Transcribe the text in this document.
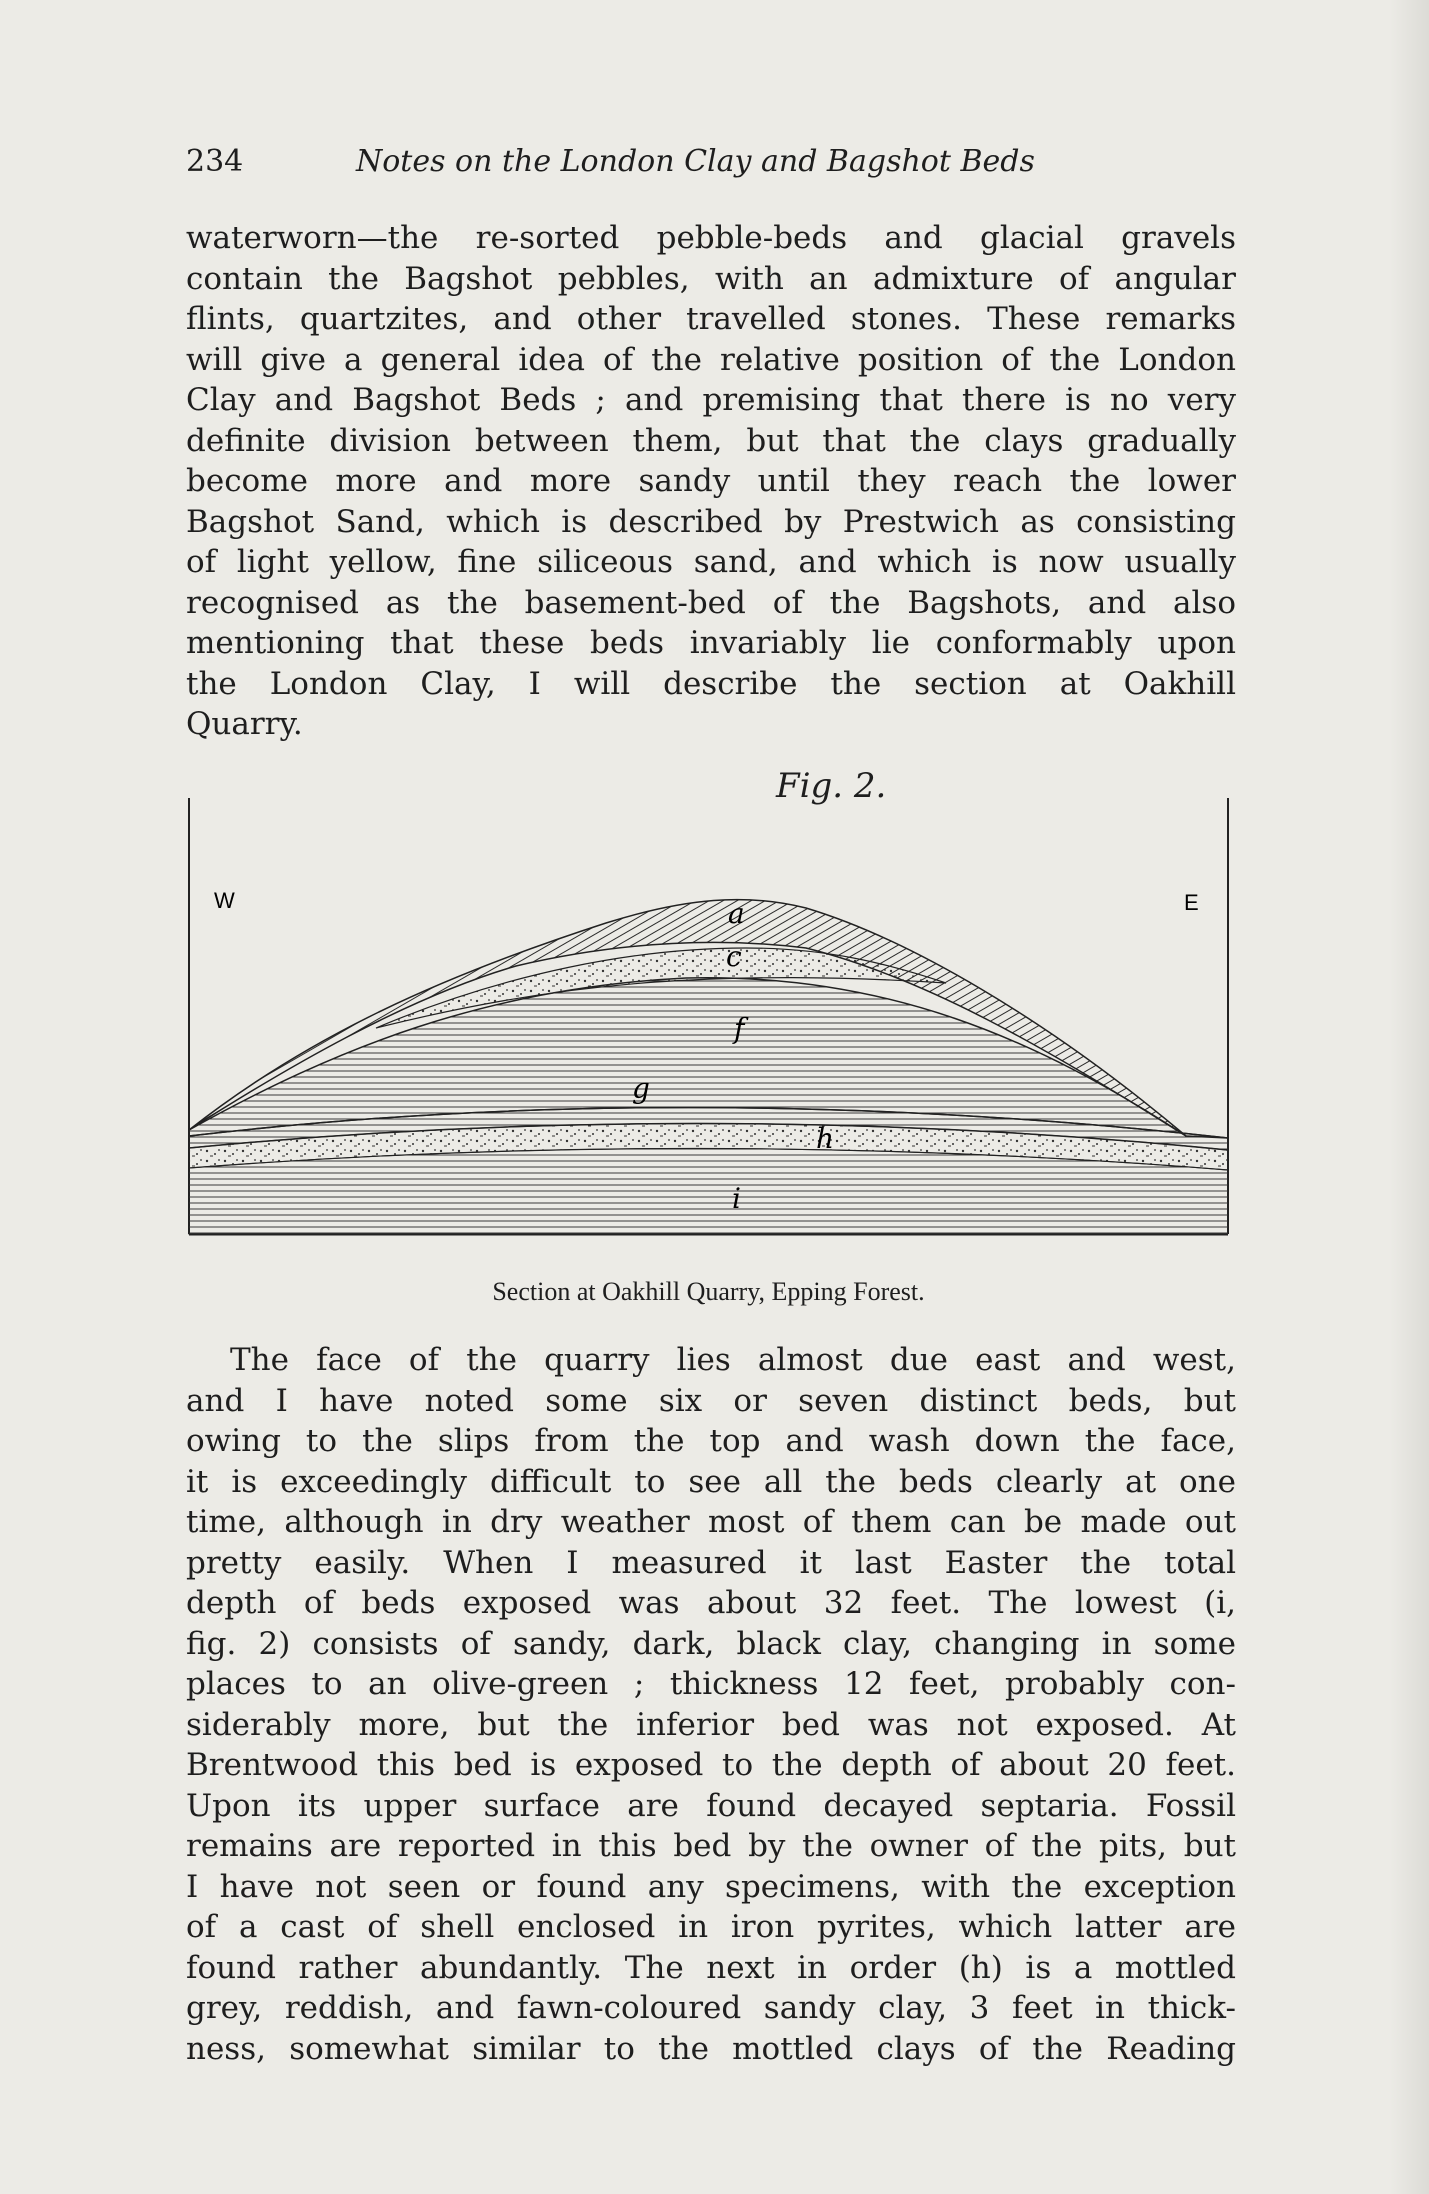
234	Notes on the London Clay and Bagshot Beds
waterworn—the re-sorted pebble-beds and glacial gravels
contain the Bagshot pebbles, with an admixture of angular
flints, quartzites, and other travelled stones. These remarks
will give a general idea of the relative position of the London
Clay and Bagshot Beds ; and premising that there is no very
definite division between them, but that the clays gradually
become more and more sandy until they reach the lower
Bagshot Sand, which is described by Prestwich as consisting
of light yellow, fine siliceous sand, and which is now usually
recognised as the basement-bed of the Bagshots, and also
mentioning that these beds invariably lie conformably upon
the London Clay, I will describe the section at Oakhill
Quarry.
Fig. 2.
W	E
a
c
f
g
h
i
Section at Oakhill Quarry, Epping Forest.
The face of the quarry lies almost due east and west,
and I have noted some six or seven distinct beds, but
owing to the slips from the top and wash down the face,
it is exceedingly difficult to see all the beds clearly at one
time, although in dry weather most of them can be made out
pretty easily. When I measured it last Easter the total
depth of beds exposed was about 32 feet. The lowest (i,
fig. 2) consists of sandy, dark, black clay, changing in some
places to an olive-green ; thickness 12 feet, probably con-
siderably more, but the inferior bed was not exposed. At
Brentwood this bed is exposed to the depth of about 20 feet.
Upon its upper surface are found decayed septaria. Fossil
remains are reported in this bed by the owner of the pits, but
I have not seen or found any specimens, with the exception
of a cast of shell enclosed in iron pyrites, which latter are
found rather abundantly. The next in order (h) is a mottled
grey, reddish, and fawn-coloured sandy clay, 3 feet in thick-
ness, somewhat similar to the mottled clays of the Reading
